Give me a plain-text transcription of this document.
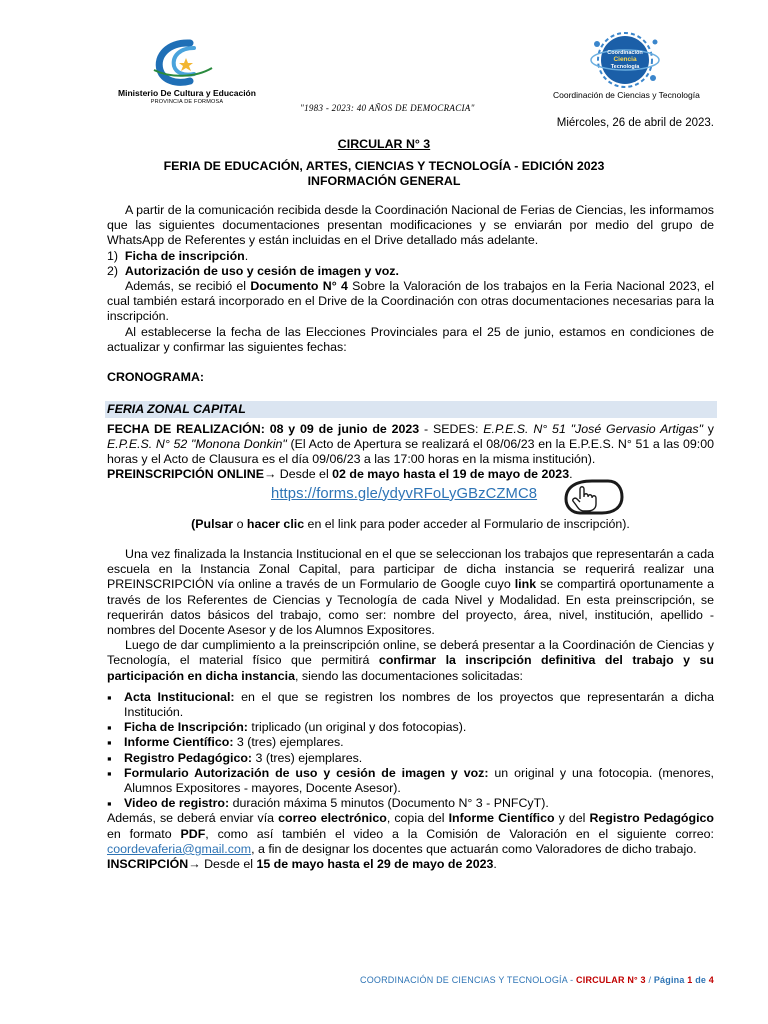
Ministerio De Cultura y Educación
PROVINCIA DE FORMOSA
"1983 - 2023: 40 AÑOS DE DEMOCRACIA"
Coordinación
Ciencia
Tecnología
Coordinación de Ciencias y Tecnología
Miércoles, 26 de abril de 2023.
CIRCULAR N° 3
FERIA DE EDUCACIÓN, ARTES, CIENCIAS Y TECNOLOGÍA - EDICIÓN 2023
INFORMACIÓN GENERAL

A partir de la comunicación recibida desde la Coordinación Nacional de Ferias de Ciencias, les informamos que las siguientes documentaciones presentan modificaciones y se enviarán por medio del grupo de WhatsApp de Referentes y están incluidas en el Drive detallado más adelante.

1)  Ficha de inscripción.
2)  Autorización de uso y cesión de imagen y voz.

Además, se recibió el Documento N° 4 Sobre la Valoración de los trabajos en la Feria Nacional 2023, el cual también estará incorporado en el Drive de la Coordinación con otras documentaciones necesarias para la inscripción.

Al establecerse la fecha de las Elecciones Provinciales para el 25 de junio, estamos en condiciones de actualizar y confirmar las siguientes fechas:

CRONOGRAMA:

FERIA ZONAL CAPITAL

FECHA DE REALIZACIÓN: 08 y 09 de junio de 2023 - SEDES: E.P.E.S. N° 51 "José Gervasio Artigas" y E.P.E.S. N° 52 "Monona Donkin" (El Acto de Apertura se realizará el 08/06/23 en la E.P.E.S. N° 51 a las 09:00 horas y el Acto de Clausura es el día 09/06/23 a las 17:00 horas en la misma institución).

PREINSCRIPCIÓN ONLINE→ Desde el 02 de mayo hasta el 19 de mayo de 2023.

https://forms.gle/ydyvRFoLyGBzCZMC8

(Pulsar o hacer clic en el link para poder acceder al Formulario de inscripción).

Una vez finalizada la Instancia Institucional en el que se seleccionan los trabajos que representarán a cada escuela en la Instancia Zonal Capital, para participar de dicha instancia se requerirá realizar una PREINSCRIPCIÓN vía online a través de un Formulario de Google cuyo link se compartirá oportunamente a través de los Referentes de Ciencias y Tecnología de cada Nivel y Modalidad. En esta preinscripción, se requerirán datos básicos del trabajo, como ser: nombre del proyecto, área, nivel, institución, apellido - nombres del Docente Asesor y de los Alumnos Expositores.

Luego de dar cumplimiento a la preinscripción online, se deberá presentar a la Coordinación de Ciencias y Tecnología, el material físico que permitirá confirmar la inscripción definitiva del trabajo y su participación en dicha instancia, siendo las documentaciones solicitadas:

▪ Acta Institucional: en el que se registren los nombres de los proyectos que representarán a dicha Institución.
▪ Ficha de Inscripción: triplicado (un original y dos fotocopias).
▪ Informe Científico: 3 (tres) ejemplares.
▪ Registro Pedagógico: 3 (tres) ejemplares.
▪ Formulario Autorización de uso y cesión de imagen y voz: un original y una fotocopia. (menores, Alumnos Expositores - mayores, Docente Asesor).
▪ Video de registro: duración máxima 5 minutos (Documento N° 3 - PNFCyT).

Además, se deberá enviar vía correo electrónico, copia del Informe Científico y del Registro Pedagógico en formato PDF, como así también el video a la Comisión de Valoración en el siguiente correo: coordevaferia@gmail.com, a fin de designar los docentes que actuarán como Valoradores de dicho trabajo.

INSCRIPCIÓN→ Desde el 15 de mayo hasta el 29 de mayo de 2023.

COORDINACIÓN DE CIENCIAS Y TECNOLOGÍA - CIRCULAR N° 3 / Página 1 de 4
